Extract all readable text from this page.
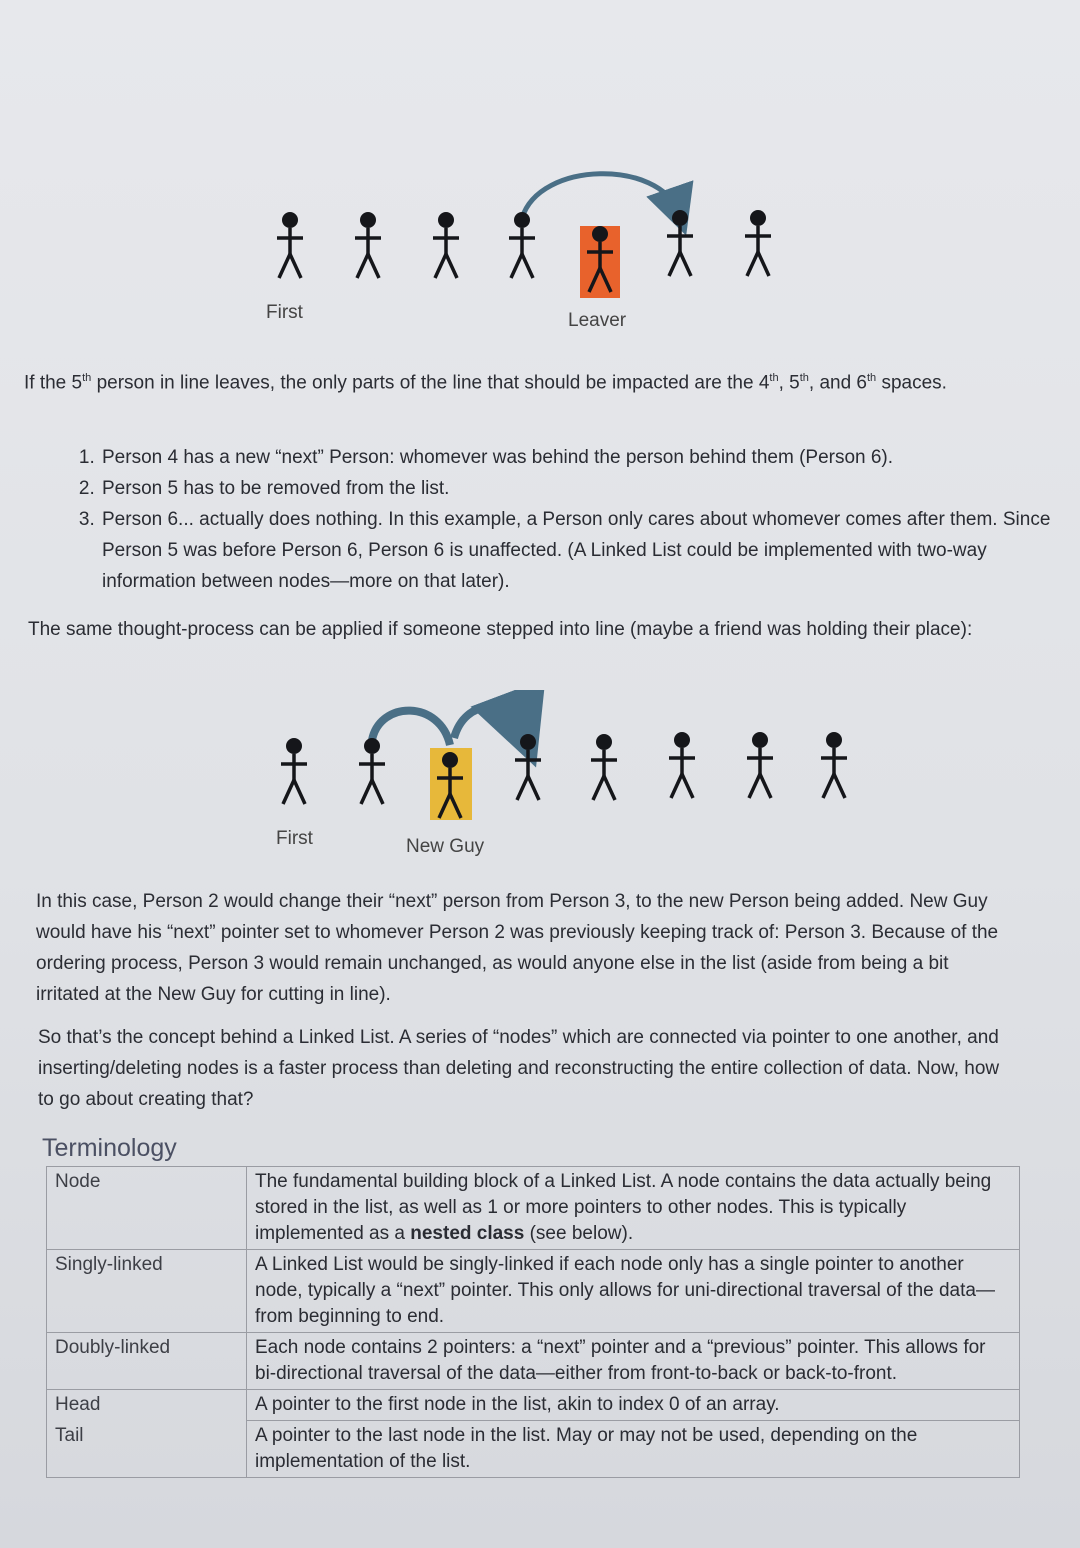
First	Leaver
If the 5th person in line leaves, the only parts of the line that should be impacted are the 4th, 5th, and 6th spaces.
1. Person 4 has a new “next” Person: whomever was behind the person behind them (Person 6).
2. Person 5 has to be removed from the list.
3. Person 6... actually does nothing. In this example, a Person only cares about whomever comes after them. Since Person 5 was before Person 6, Person 6 is unaffected. (A Linked List could be implemented with two-way information between nodes—more on that later).
The same thought-process can be applied if someone stepped into line (maybe a friend was holding their place):
First	New Guy
In this case, Person 2 would change their “next” person from Person 3, to the new Person being added. New Guy would have his “next” pointer set to whomever Person 2 was previously keeping track of: Person 3. Because of the ordering process, Person 3 would remain unchanged, as would anyone else in the list (aside from being a bit irritated at the New Guy for cutting in line).
So that’s the concept behind a Linked List. A series of “nodes” which are connected via pointer to one another, and inserting/deleting nodes is a faster process than deleting and reconstructing the entire collection of data. Now, how to go about creating that?
Terminology
Node	The fundamental building block of a Linked List. A node contains the data actually being stored in the list, as well as 1 or more pointers to other nodes. This is typically implemented as a nested class (see below).
Singly-linked	A Linked List would be singly-linked if each node only has a single pointer to another node, typically a “next” pointer. This only allows for uni-directional traversal of the data—from beginning to end.
Doubly-linked	Each node contains 2 pointers: a “next” pointer and a “previous” pointer. This allows for bi-directional traversal of the data—either from front-to-back or back-to-front.
Head	A pointer to the first node in the list, akin to index 0 of an array.
Tail	A pointer to the last node in the list. May or may not be used, depending on the implementation of the list.
